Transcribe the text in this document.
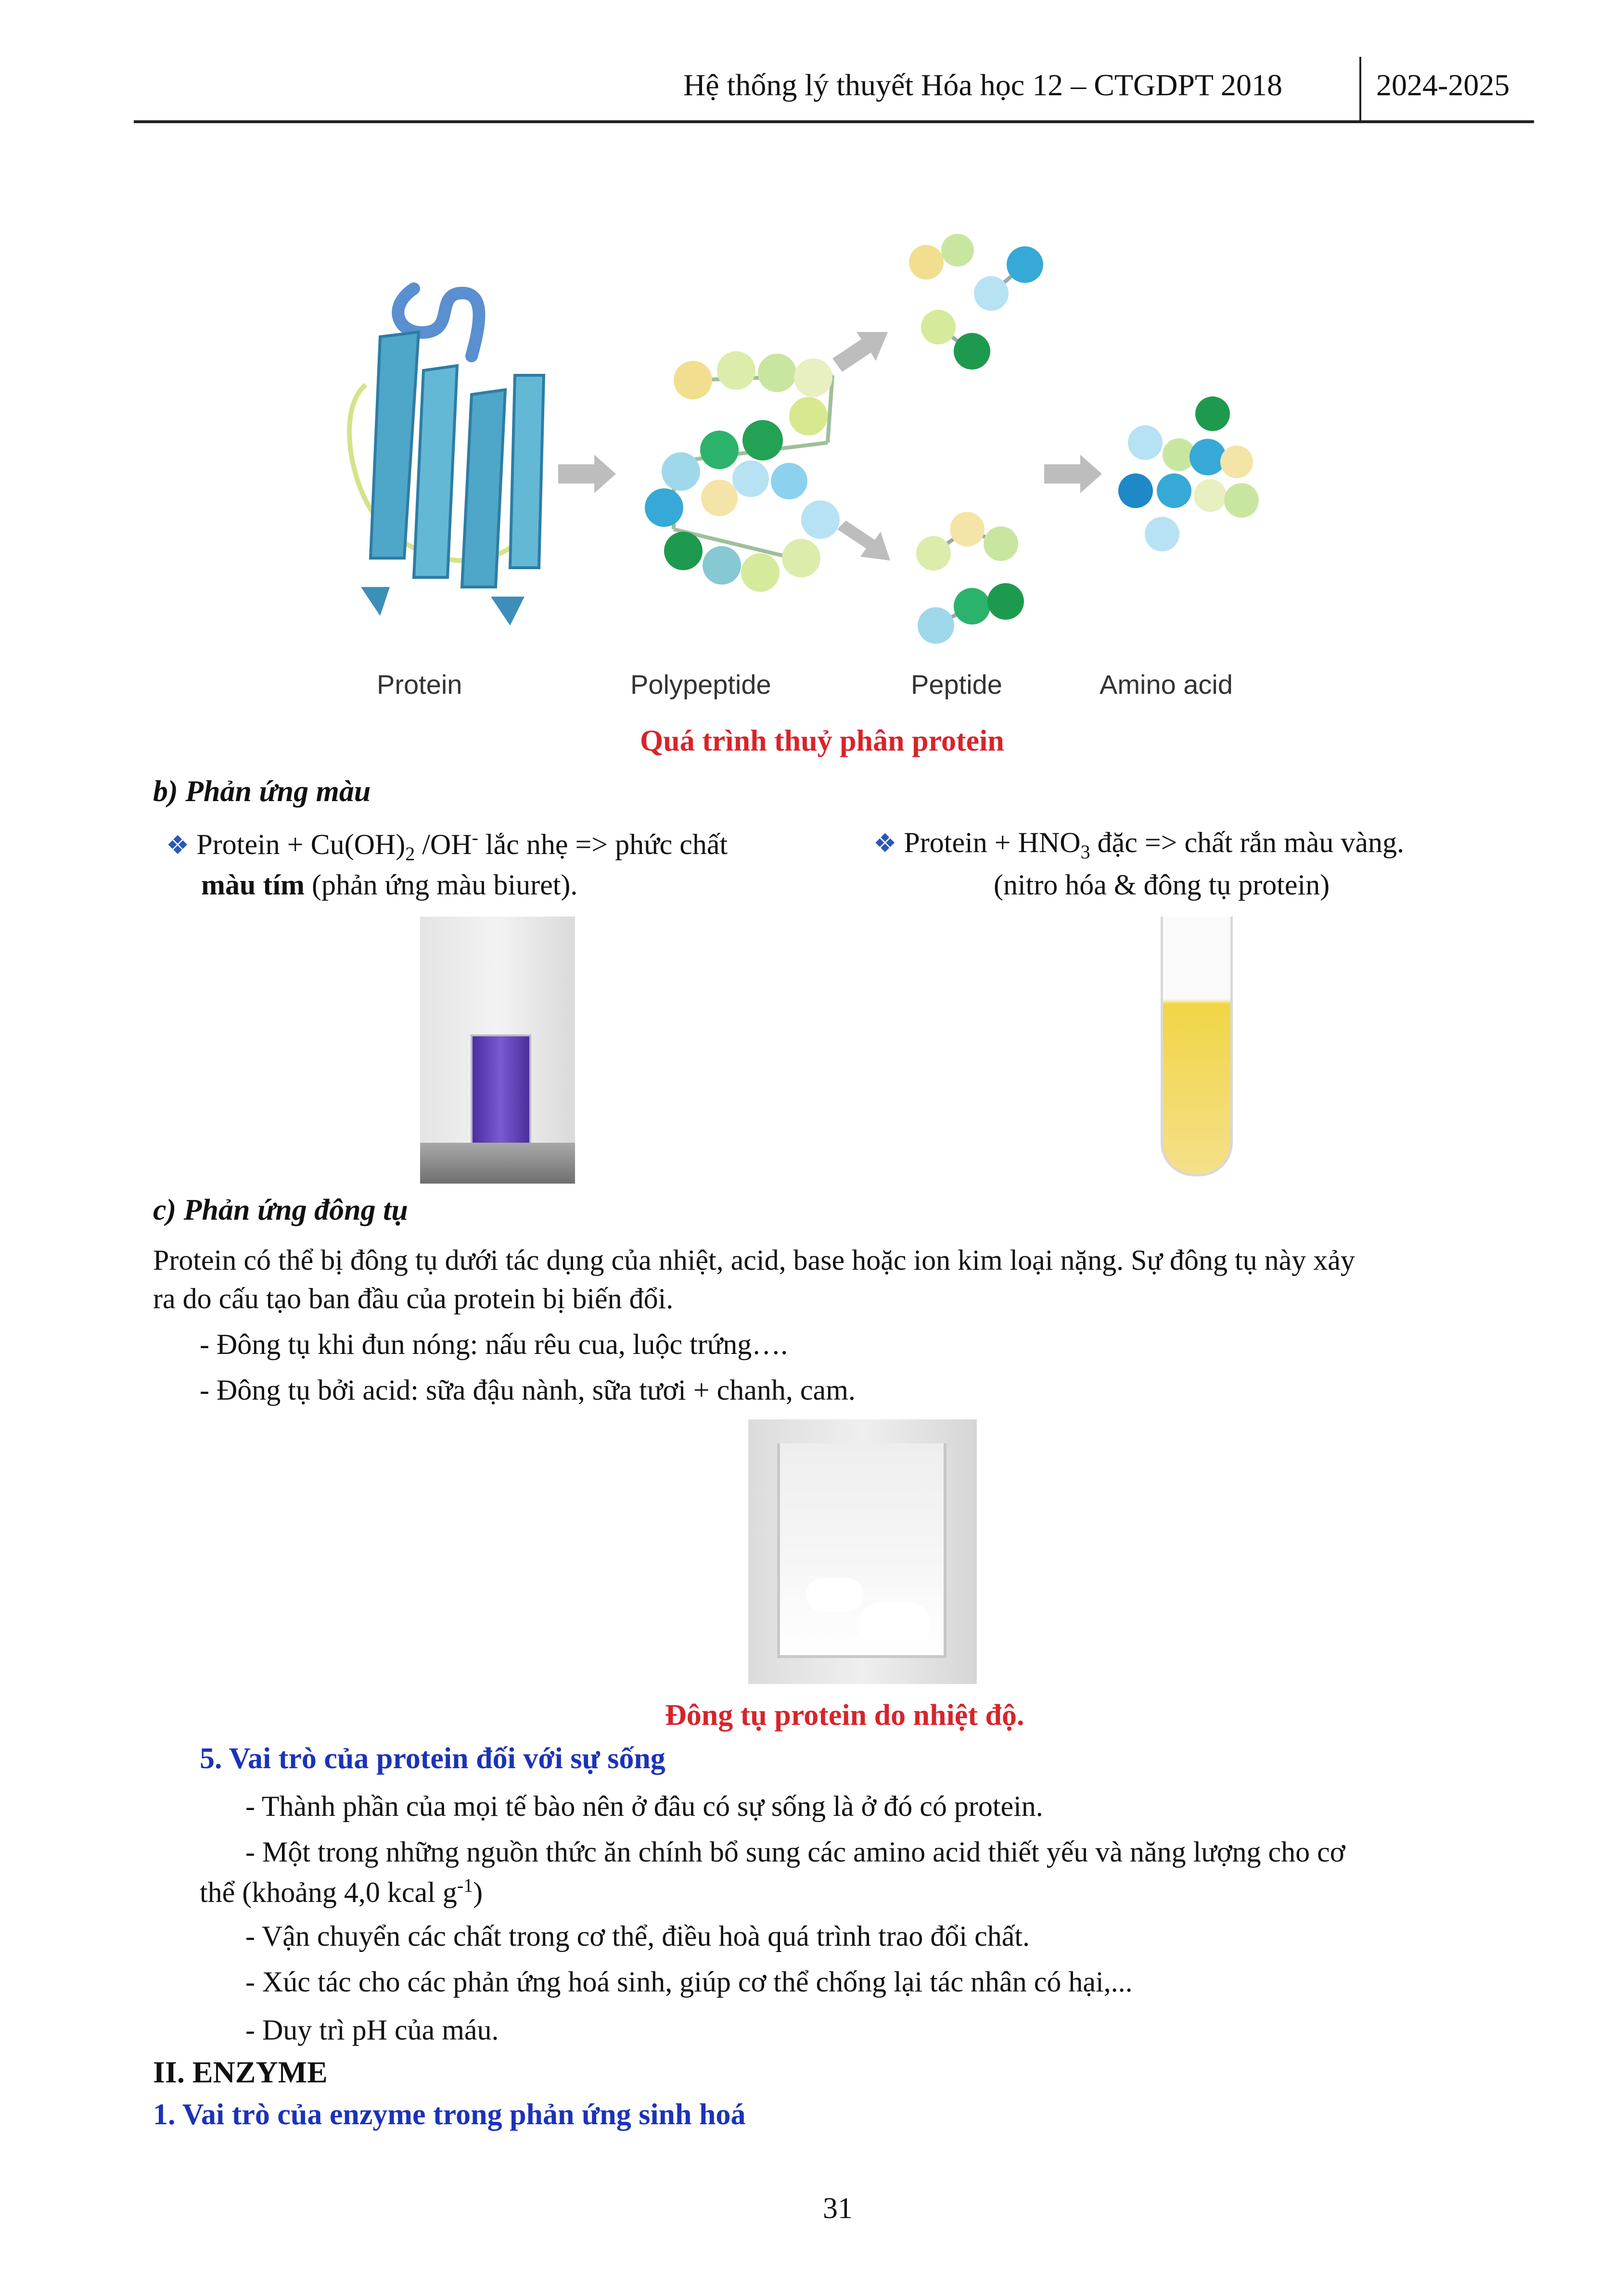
Hệ thống lý thuyết Hóa học 12 – CTGDPT 2018	2024-2025
Protein	Polypeptide	Peptide	Amino acid
Quá trình thuỷ phân protein
b) Phản ứng màu
❖ Protein + $Cu(OH)_2$ /OH- lắc nhẹ => phức chất
màu tím (phản ứng màu biuret).
❖ Protein + $HNO_3$ đặc => chất rắn màu vàng.
(nitro hóa & đông tụ protein)
c) Phản ứng đông tụ
Protein có thể bị đông tụ dưới tác dụng của nhiệt, acid, base hoặc ion kim loại nặng. Sự đông tụ này xảy
ra do cấu tạo ban đầu của protein bị biến đổi.
- Đông tụ khi đun nóng: nấu rêu cua, luộc trứng….
- Đông tụ bởi acid: sữa đậu nành, sữa tươi + chanh, cam.
Đông tụ protein do nhiệt độ.
5. Vai trò của protein đối với sự sống
- Thành phần của mọi tế bào nên ở đâu có sự sống là ở đó có protein.
- Một trong những nguồn thức ăn chính bổ sung các amino acid thiết yếu và năng lượng cho cơ
thể (khoảng 4,0 kcal $g^{-1}$)
- Vận chuyển các chất trong cơ thể, điều hoà quá trình trao đổi chất.
- Xúc tác cho các phản ứng hoá sinh, giúp cơ thể chống lại tác nhân có hại,...
- Duy trì pH của máu.
II. ENZYME
1. Vai trò của enzyme trong phản ứng sinh hoá
31
